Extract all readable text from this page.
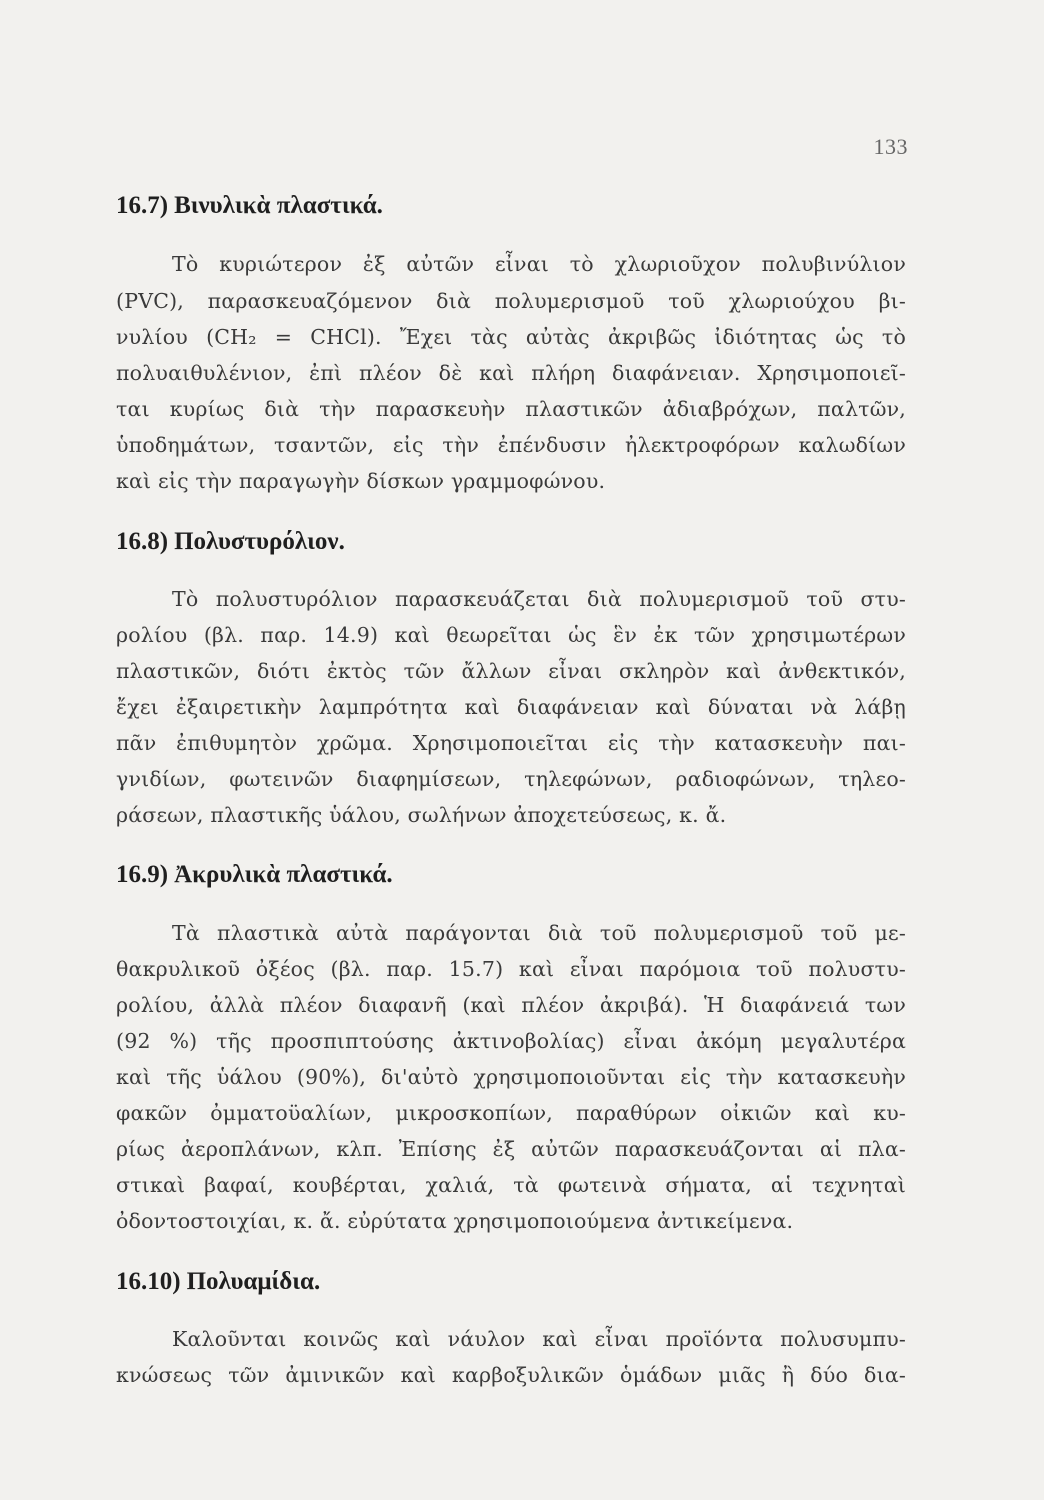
133
16.7) Βινυλικὰ πλαστικά.

Τὸ κυριώτερον ἐξ αὐτῶν εἶναι τὸ χλωριοῦχον πολυβινύλιον

(PVC), παρασκευαζόμενον διὰ πολυμερισμοῦ τοῦ χλωριούχου βι-

νυλίου (CH₂ = CHCl). Ἔχει τὰς αὐτὰς ἀκριβῶς ἰδιότητας ὡς τὸ

πολυαιθυλένιον, ἐπὶ πλέον δὲ καὶ πλήρη διαφάνειαν. Χρησιμοποιεῖ-

ται κυρίως διὰ τὴν παρασκευὴν πλαστικῶν ἀδιαβρόχων, παλτῶν,

ὑποδημάτων, τσαντῶν, εἰς τὴν ἐπένδυσιν ἠλεκτροφόρων καλωδίων

καὶ εἰς τὴν παραγωγὴν δίσκων γραμμοφώνου.

16.8) Πολυστυρόλιον.

Τὸ πολυστυρόλιον παρασκευάζεται διὰ πολυμερισμοῦ τοῦ στυ-

ρολίου (βλ. παρ. 14.9) καὶ θεωρεῖται ὡς ἓν ἐκ τῶν χρησιμωτέρων

πλαστικῶν, διότι ἐκτὸς τῶν ἄλλων εἶναι σκληρὸν καὶ ἀνθεκτικόν,

ἔχει ἐξαιρετικὴν λαμπρότητα καὶ διαφάνειαν καὶ δύναται νὰ λάβῃ

πᾶν ἐπιθυμητὸν χρῶμα. Χρησιμοποιεῖται εἰς τὴν κατασκευὴν παι-

γνιδίων, φωτεινῶν διαφημίσεων, τηλεφώνων, ραδιοφώνων, τηλεο-

ράσεων, πλαστικῆς ὑάλου, σωλήνων ἀποχετεύσεως, κ. ἄ.

16.9) Ἀκρυλικὰ πλαστικά.

Τὰ πλαστικὰ αὐτὰ παράγονται διὰ τοῦ πολυμερισμοῦ τοῦ με-

θακρυλικοῦ ὀξέος (βλ. παρ. 15.7) καὶ εἶναι παρόμοια τοῦ πολυστυ-

ρολίου, ἀλλὰ πλέον διαφανῆ (καὶ πλέον ἀκριβά). Ἡ διαφάνειά των

(92 %) τῆς προσπιπτούσης ἀκτινοβολίας) εἶναι ἀκόμη μεγαλυτέρα

καὶ τῆς ὑάλου (90%), δι'αὐτὸ χρησιμοποιοῦνται εἰς τὴν κατασκευὴν

φακῶν ὀμματοϋαλίων, μικροσκοπίων, παραθύρων οἰκιῶν καὶ κυ-

ρίως ἀεροπλάνων, κλπ. Ἐπίσης ἐξ αὐτῶν παρασκευάζονται αἱ πλα-

στικαὶ βαφαί, κουβέρται, χαλιά, τὰ φωτεινὰ σήματα, αἱ τεχνηταὶ

ὀδοντοστοιχίαι, κ. ἄ. εὐρύτατα χρησιμοποιούμενα ἀντικείμενα.

16.10) Πολυαμίδια.

Καλοῦνται κοινῶς καὶ νάυλον καὶ εἶναι προϊόντα πολυσυμπυ-

κνώσεως τῶν ἀμινικῶν καὶ καρβοξυλικῶν ὁμάδων μιᾶς ἢ δύο δια-
